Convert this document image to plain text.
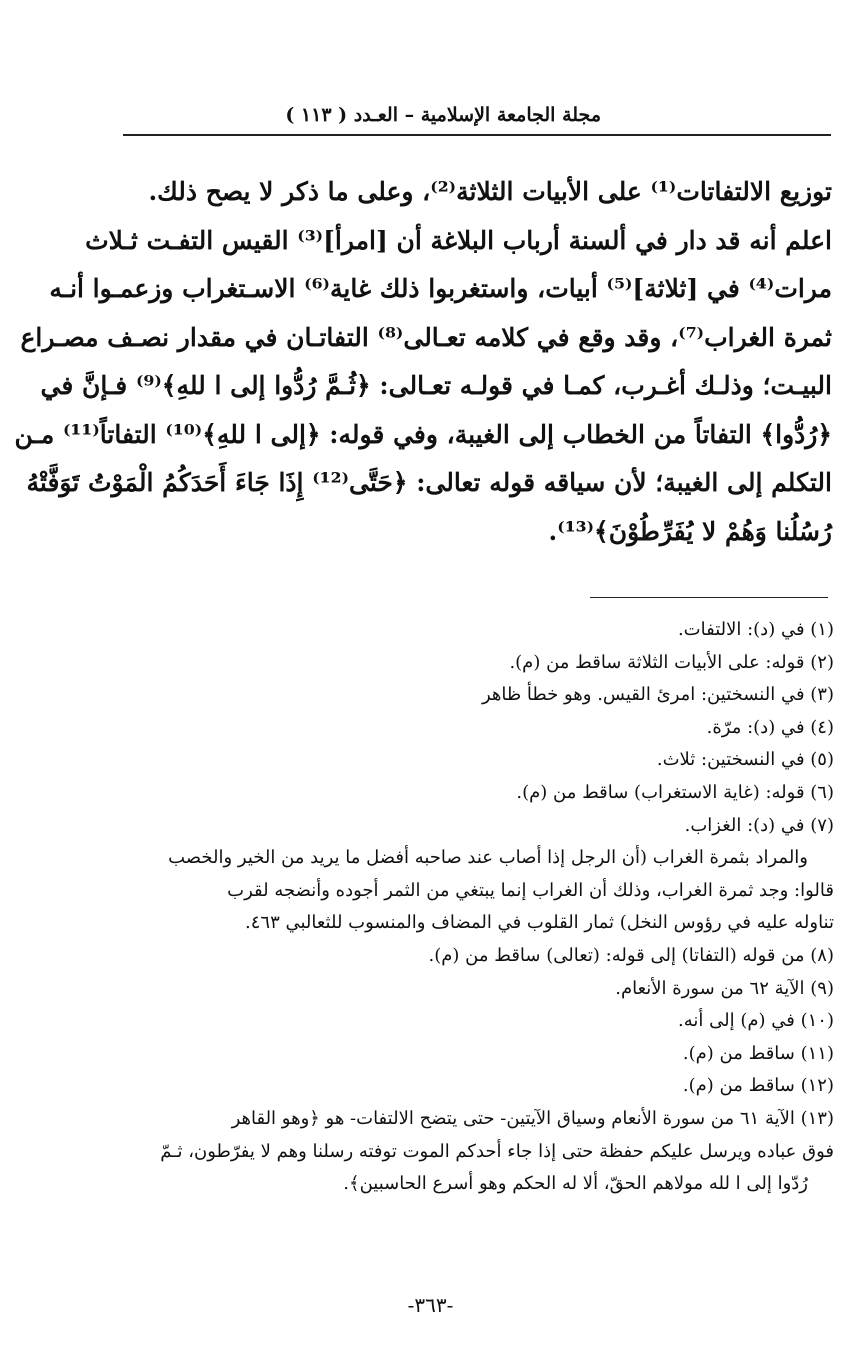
مجلة الجامعة الإسلامية – العـدد ( ١١٣ )
توزيع الالتفاتات⁽¹⁾ على الأبيات الثلاثة⁽²⁾، وعلى ما ذكر لا يصح ذلك.
اعلم أنه قد دار في ألسنة أرباب البلاغة أن [امرأ]⁽³⁾ القيس التفـت ثـلاث
مرات⁽⁴⁾ في [ثلاثة]⁽⁵⁾ أبيات، واستغربوا ذلك غاية⁽⁶⁾ الاسـتغراب وزعمـوا أنـه
ثمرة الغراب⁽⁷⁾، وقد وقع في كلامه تعـالى⁽⁸⁾ التفاتـان في مقدار نصـف مصـراع
البيـت؛ وذلـك أغـرب، كمـا في قولـه تعـالى: ﴿ثُـمَّ رُدُّوا إلى ا للهِ﴾⁽⁹⁾ فـإنَّ في
﴿رُدُّوا﴾ التفاتاً من الخطاب إلى الغيبة، وفي قوله: ﴿إلى ا للهِ﴾⁽¹⁰⁾ التفاتاً⁽¹¹⁾ مـن
التكلم إلى الغيبة؛ لأن سياقه قوله تعالى: ﴿حَتَّى⁽¹²⁾ إِذَا جَاءَ أَحَدَكُمُ الْمَوْتُ تَوَفَّتْهُ
رُسُلُنا وَهُمْ لا يُفَرِّطُوْنَ﴾⁽¹³⁾.
(١) في (د): الالتفات.
(٢) قوله: على الأبيات الثلاثة ساقط من (م).
(٣) في النسختين: امرئ القيس. وهو خطأ ظاهر
(٤) في (د): مرّة.
(٥) في النسختين: ثلاث.
(٦) قوله: (غاية الاستغراب) ساقط من (م).
(٧) في (د): الغزاب.
والمراد بثمرة الغراب (أن الرجل إذا أصاب عند صاحبه أفضل ما يريد من الخير والخصب
قالوا: وجد ثمرة الغراب، وذلك أن الغراب إنما يبتغي من الثمر أجوده وأنضجه لقرب
تناوله عليه في رؤوس النخل) ثمار القلوب في المضاف والمنسوب للثعالبي ٤٦٣.
(٨) من قوله (التفاتا) إلى قوله: (تعالى) ساقط من (م).
(٩) الآية ٦٢ من سورة الأنعام.
(١٠) في (م) إلى أنه.
(١١) ساقط من (م).
(١٢) ساقط من (م).
(١٣) الآية ٦١ من سورة الأنعام وسياق الآيتين- حتى يتضح الالتفات- هو ﴿وهو القاهر
فوق عباده ويرسل عليكم حفظة حتى إذا جاء أحدكم الموت توفته رسلنا وهم لا يفرّطون، ثـمّ
رُدّوا إلى ا لله مولاهم الحقّ، ألا له الحكم وهو أسرع الحاسبين﴾.
-٣٦٣-
